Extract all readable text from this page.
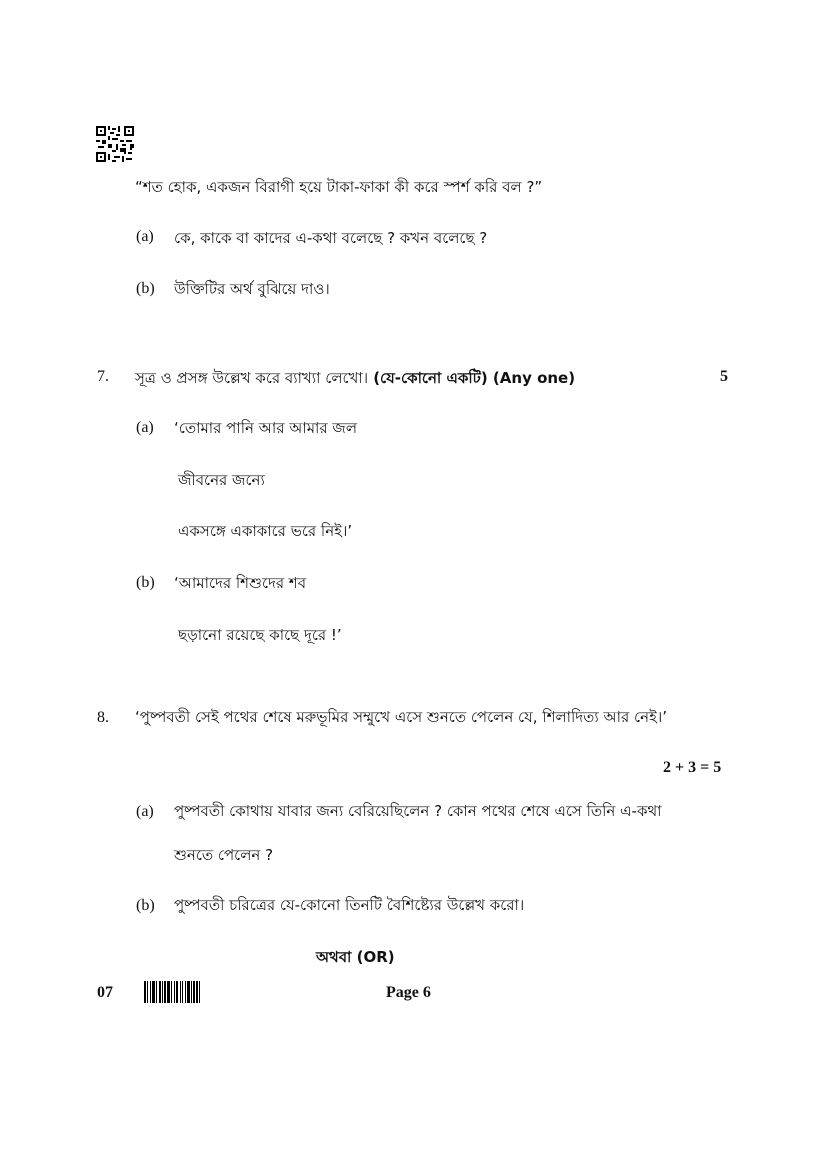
“শত হোক, একজন বিরাগী হয়ে টাকা-ফাকা কী করে স্পর্শ করি বল ?”
(a) কে, কাকে বা কাদের এ-কথা বলেছে ? কখন বলেছে ?
(b) উক্তিটির অর্থ বুঝিয়ে দাও।
7. সূত্র ও প্রসঙ্গ উল্লেখ করে ব্যাখ্যা লেখো। (যে-কোনো একটি) (Any one)	5
(a) ‘তোমার পানি আর আমার জল
জীবনের জন্যে
একসঙ্গে একাকারে ভরে নিই।’
(b) ‘আমাদের শিশুদের শব
ছড়ানো রয়েছে কাছে দূরে !’
8. ‘পুষ্পবতী সেই পথের শেষে মরুভূমির সম্মুখে এসে শুনতে পেলেন যে, শিলাদিত্য আর নেই।’
2 + 3 = 5
(a) পুষ্পবতী কোথায় যাবার জন্য বেরিয়েছিলেন ? কোন পথের শেষে এসে তিনি এ-কথা
শুনতে পেলেন ?
(b) পুষ্পবতী চরিত্রের যে-কোনো তিনটি বৈশিষ্ট্যের উল্লেখ করো।
অথবা (OR)
07	Page 6
